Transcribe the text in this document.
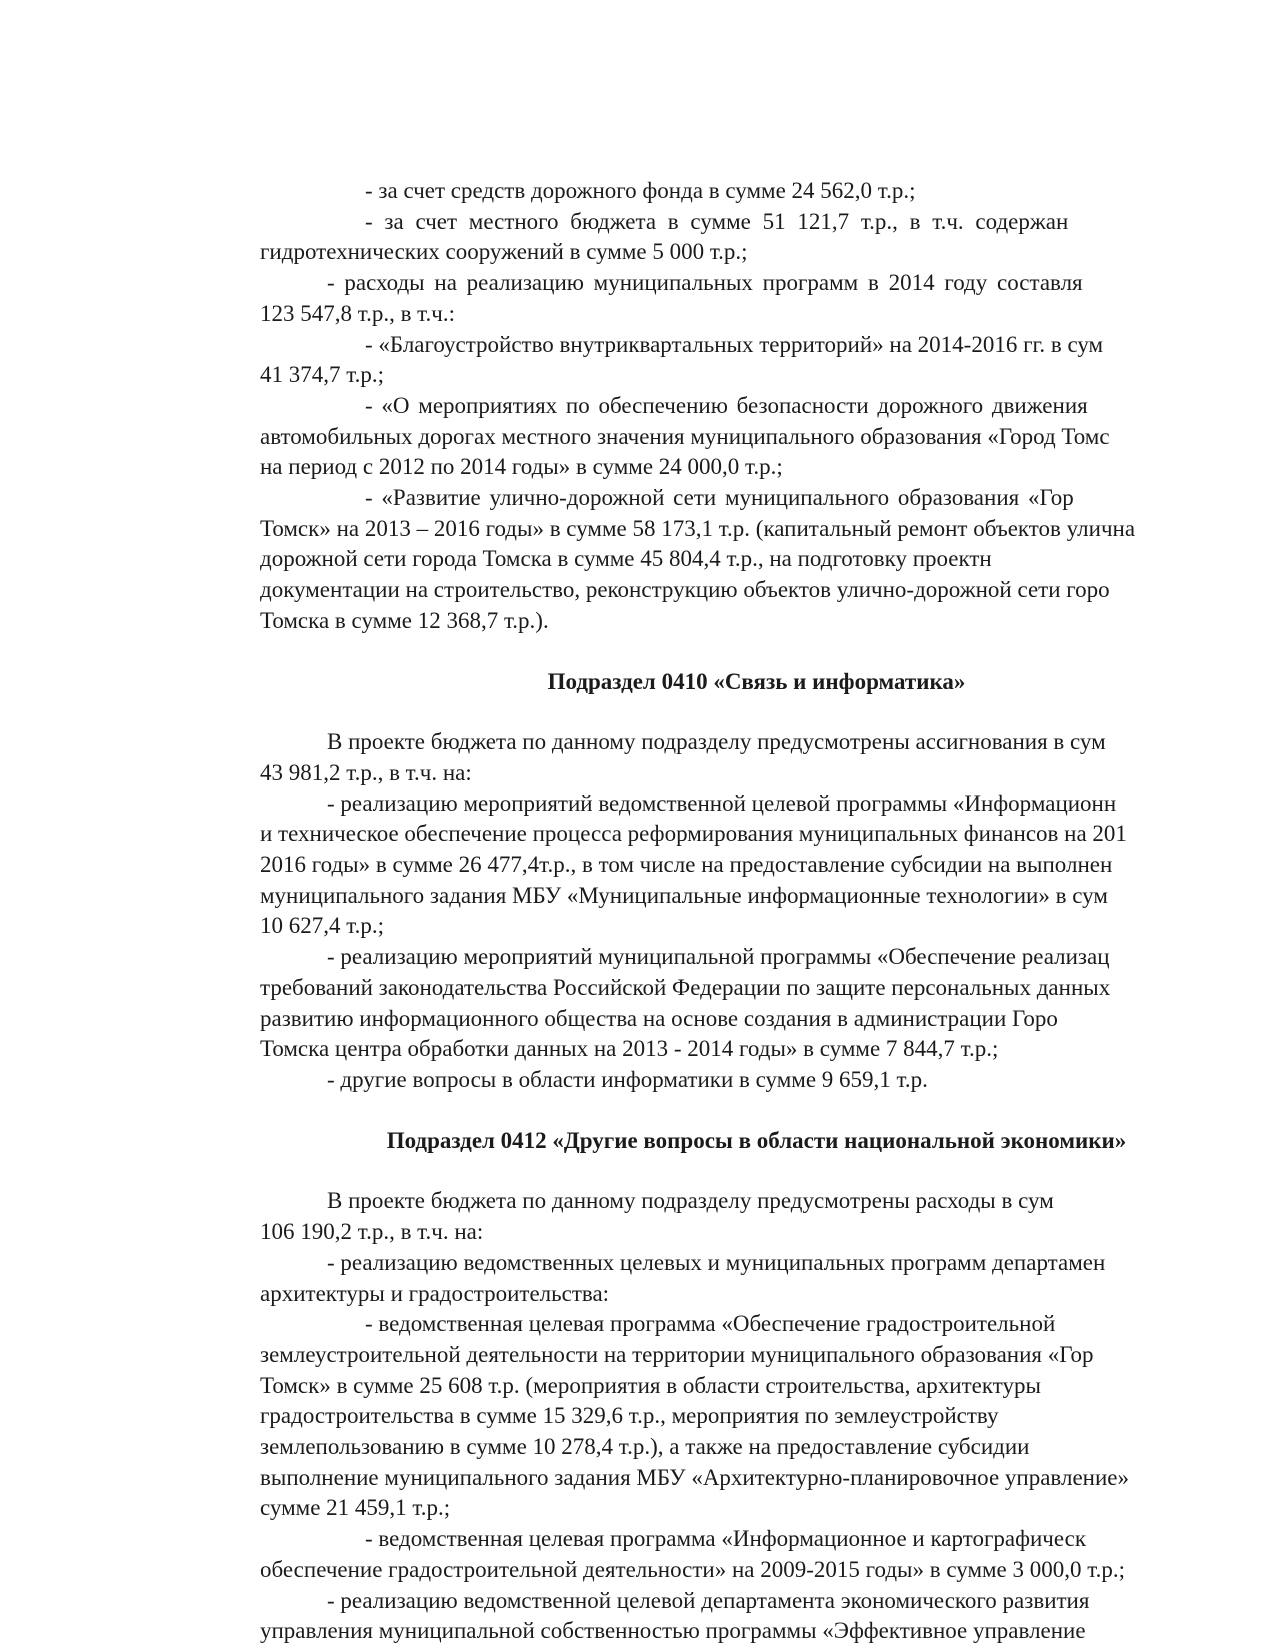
- за счет средств дорожного фонда в сумме 24 562,0 т.р.;
- за счет местного бюджета в сумме 51 121,7 т.р., в т.ч. содержан
гидротехнических сооружений в сумме 5 000 т.р.;
- расходы на реализацию муниципальных программ в 2014 году составля
123 547,8 т.р., в т.ч.:
- «Благоустройство внутриквартальных территорий» на 2014-2016 гг. в сум
41 374,7 т.р.;
- «О мероприятиях по обеспечению безопасности дорожного движения
автомобильных дорогах местного значения муниципального образования «Город Томс
на период с 2012 по 2014 годы» в сумме 24 000,0 т.р.;
- «Развитие улично-дорожной сети муниципального образования «Гор
Томск» на 2013 – 2016 годы» в сумме 58 173,1 т.р. (капитальный ремонт объектов улична
дорожной сети города Томска в сумме 45 804,4 т.р., на подготовку проектн
документации на строительство, реконструкцию объектов улично-дорожной сети горо
Томска в сумме 12 368,7 т.р.).
Подраздел 0410 «Связь и информатика»
В проекте бюджета по данному подразделу предусмотрены ассигнования в сум
43 981,2 т.р., в т.ч. на:
- реализацию мероприятий ведомственной целевой программы «Информационн
и техническое обеспечение процесса реформирования муниципальных финансов на 201
2016 годы» в сумме 26 477,4т.р., в том числе на предоставление субсидии на выполнен
муниципального задания МБУ «Муниципальные информационные технологии» в сум
10 627,4 т.р.;
- реализацию мероприятий муниципальной программы «Обеспечение реализац
требований законодательства Российской Федерации по защите персональных данных
развитию информационного общества на основе создания в администрации Горо
Томска центра обработки данных на 2013 - 2014 годы» в сумме 7 844,7 т.р.;
- другие вопросы в области информатики в сумме 9 659,1 т.р.
Подраздел 0412 «Другие вопросы в области национальной экономики»
В проекте бюджета по данному подразделу предусмотрены расходы в сум
106 190,2 т.р., в т.ч. на:
- реализацию ведомственных целевых и муниципальных программ департамен
архитектуры и градостроительства:
- ведомственная целевая программа «Обеспечение градостроительной
землеустроительной деятельности на территории муниципального образования «Гор
Томск» в сумме 25 608 т.р. (мероприятия в области строительства, архитектуры
градостроительства в сумме 15 329,6 т.р., мероприятия по землеустройству
землепользованию в сумме 10 278,4 т.р.), а также на предоставление субсидии
выполнение муниципального задания МБУ «Архитектурно-планировочное управление»
сумме 21 459,1 т.р.;
- ведомственная целевая программа «Информационное и картографическ
обеспечение градостроительной деятельности» на 2009-2015 годы» в сумме 3 000,0 т.р.;
- реализацию ведомственной целевой департамента экономического развития
управления муниципальной собственностью программы «Эффективное управление
